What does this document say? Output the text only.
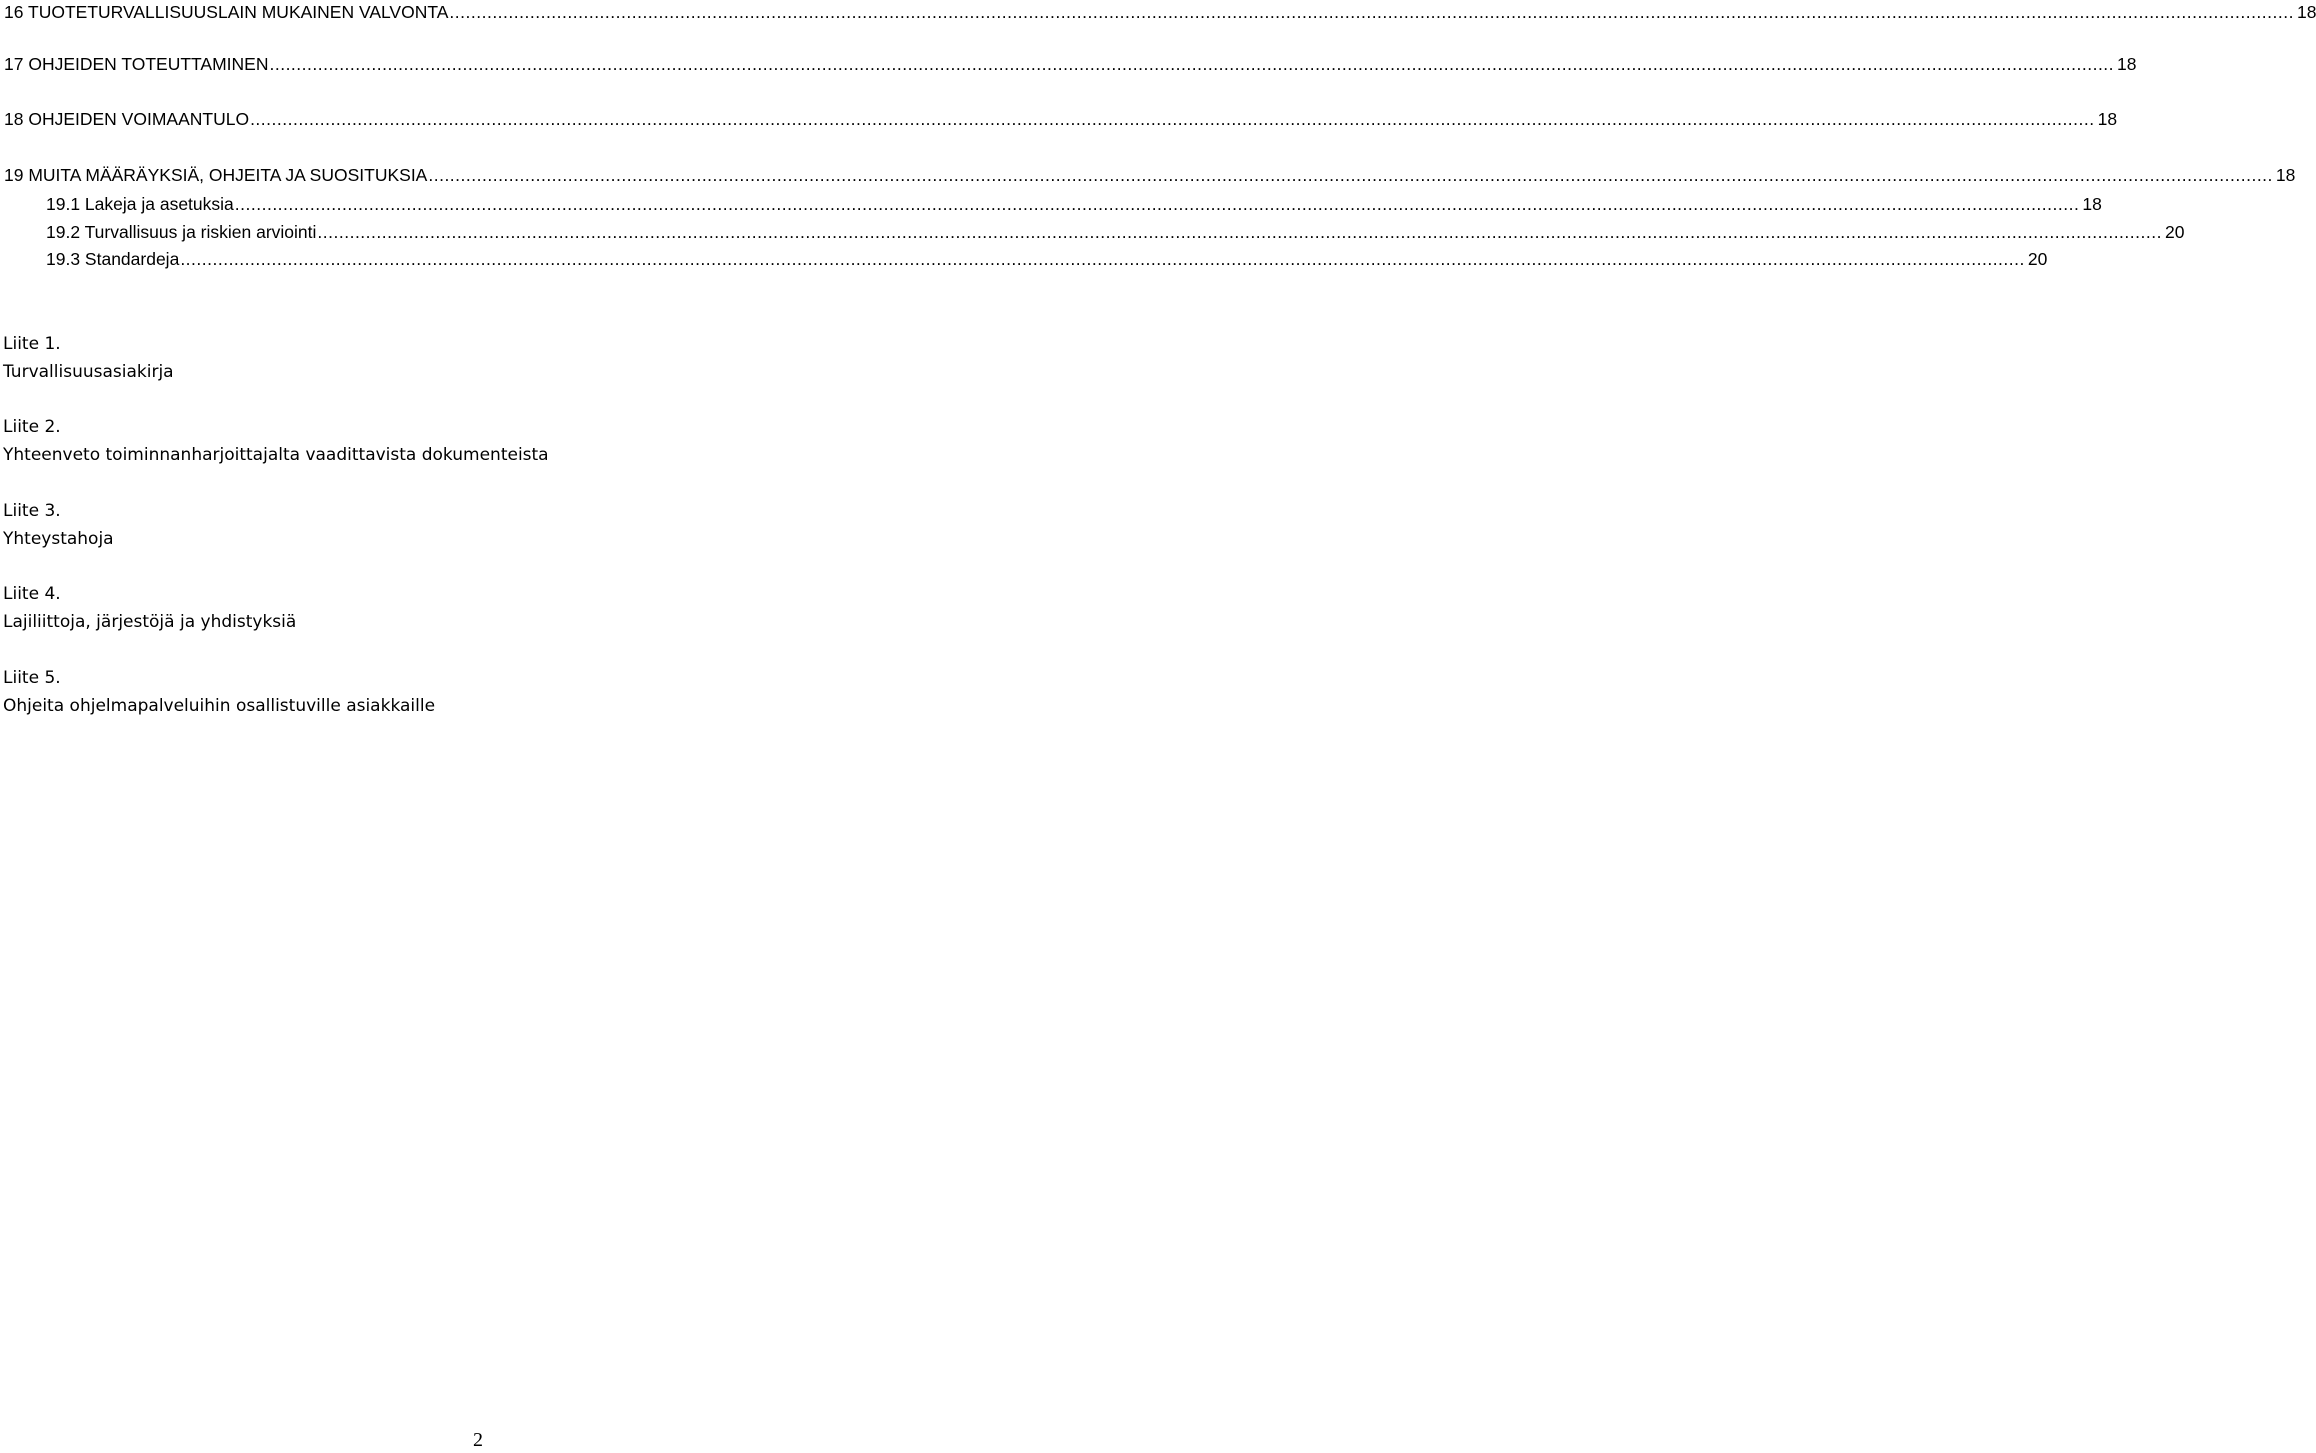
16 TUOTETURVALLISUUSLAIN MUKAINEN VALVONTA .....	18
17 OHJEIDEN TOTEUTTAMINEN .....	18
18 OHJEIDEN VOIMAANTULO .....	18
19 MUITA MÄÄRÄYKSIÄ, OHJEITA JA SUOSITUKSIA .....	18
19.1 Lakeja ja asetuksia .....	18
19.2 Turvallisuus ja riskien arviointi .....	20
19.3 Standardeja .....	20
Liite 1.
Turvallisuusasiakirja
Liite 2.
Yhteenveto toiminnanharjoittajalta vaadittavista dokumenteista
Liite 3.
Yhteystahoja
Liite 4.
Lajiliittoja, järjestöjä ja yhdistyksiä
Liite 5.
Ohjeita ohjelmapalveluihin osallistuville asiakkaille
2
